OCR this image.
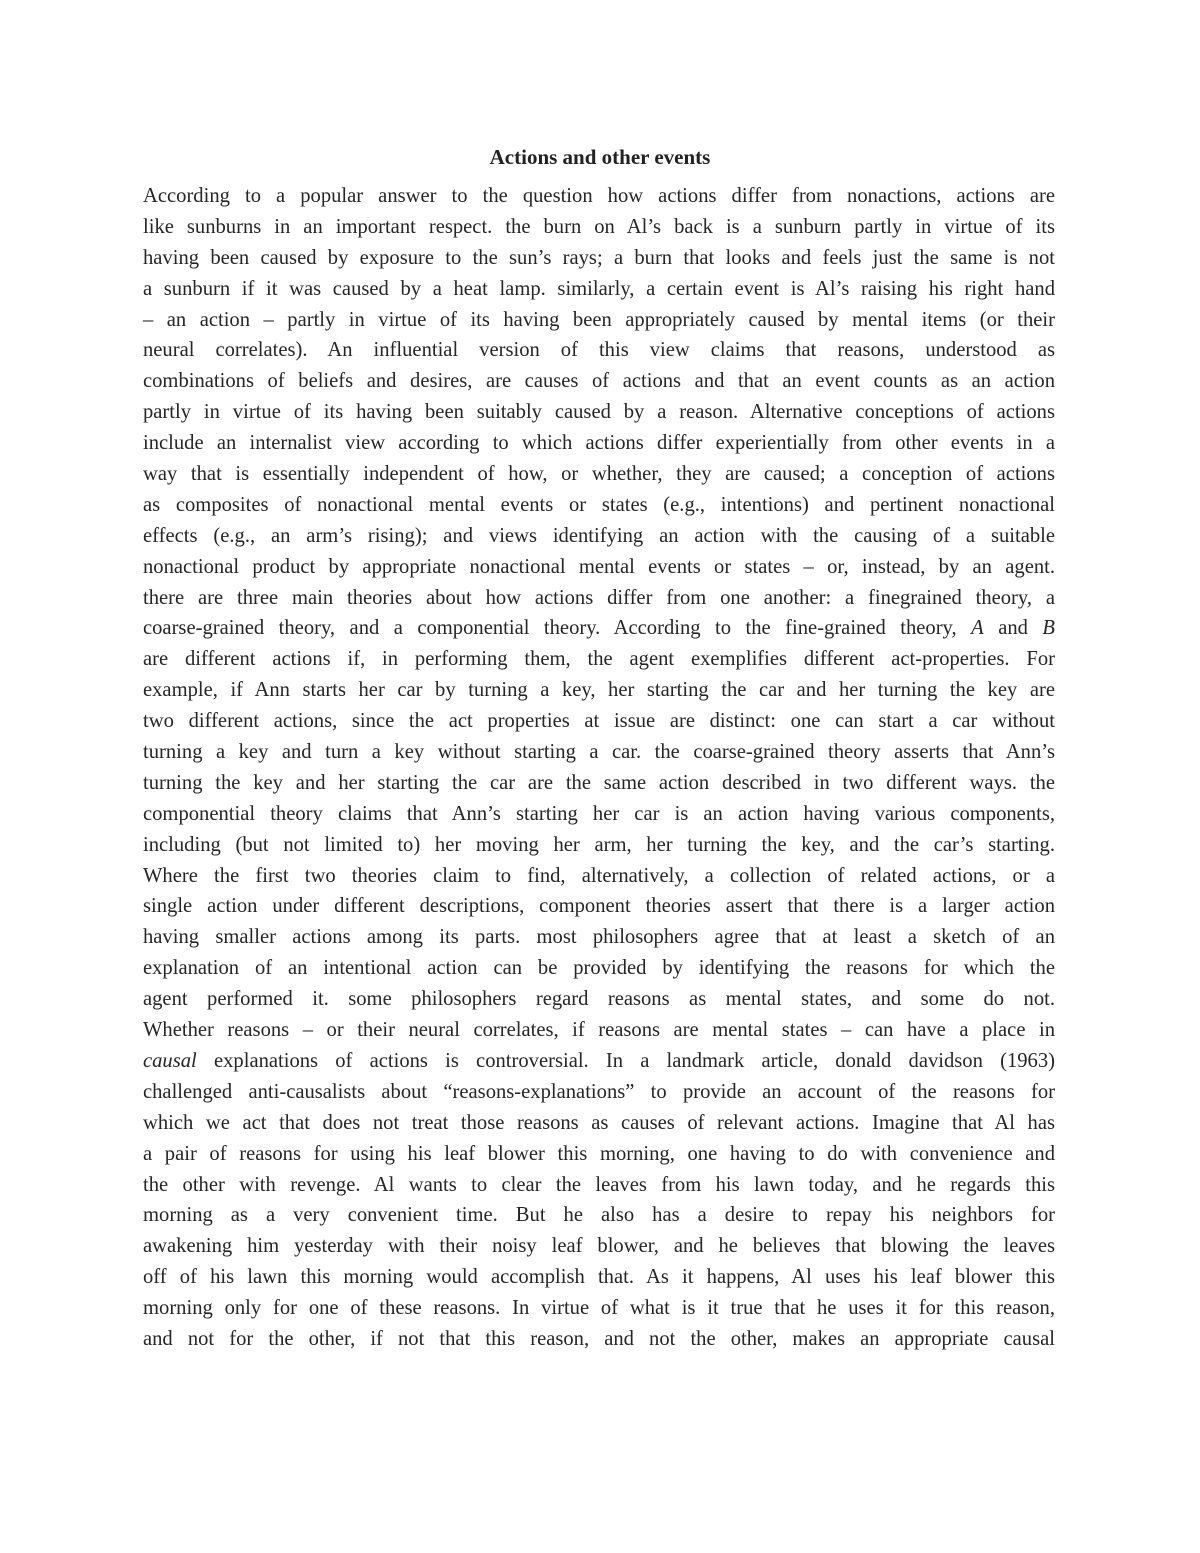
Actions and other events
According to a popular answer to the question how actions differ from nonactions, actions are
like sunburns in an important respect. the burn on Al’s back is a sunburn partly in virtue of its
having been caused by exposure to the sun’s rays; a burn that looks and feels just the same is not
a sunburn if it was caused by a heat lamp. similarly, a certain event is Al’s raising his right hand
– an action – partly in virtue of its having been appropriately caused by mental items (or their
neural correlates). An influential version of this view claims that reasons, understood as
combinations of beliefs and desires, are causes of actions and that an event counts as an action
partly in virtue of its having been suitably caused by a reason. Alternative conceptions of actions
include an internalist view according to which actions differ experientially from other events in a
way that is essentially independent of how, or whether, they are caused; a conception of actions
as composites of nonactional mental events or states (e.g., intentions) and pertinent nonactional
effects (e.g., an arm’s rising); and views identifying an action with the causing of a suitable
nonactional product by appropriate nonactional mental events or states – or, instead, by an agent.
there are three main theories about how actions differ from one another: a finegrained theory, a
coarse-grained theory, and a componential theory. According to the fine-grained theory, A and B
are different actions if, in performing them, the agent exemplifies different act-properties. For
example, if Ann starts her car by turning a key, her starting the car and her turning the key are
two different actions, since the act properties at issue are distinct: one can start a car without
turning a key and turn a key without starting a car. the coarse-grained theory asserts that Ann’s
turning the key and her starting the car are the same action described in two different ways. the
componential theory claims that Ann’s starting her car is an action having various components,
including (but not limited to) her moving her arm, her turning the key, and the car’s starting.
Where the first two theories claim to find, alternatively, a collection of related actions, or a
single action under different descriptions, component theories assert that there is a larger action
having smaller actions among its parts. most philosophers agree that at least a sketch of an
explanation of an intentional action can be provided by identifying the reasons for which the
agent performed it. some philosophers regard reasons as mental states, and some do not.
Whether reasons – or their neural correlates, if reasons are mental states – can have a place in
causal explanations of actions is controversial. In a landmark article, donald davidson (1963)
challenged anti-causalists about “reasons-explanations” to provide an account of the reasons for
which we act that does not treat those reasons as causes of relevant actions. Imagine that Al has
a pair of reasons for using his leaf blower this morning, one having to do with convenience and
the other with revenge. Al wants to clear the leaves from his lawn today, and he regards this
morning as a very convenient time. But he also has a desire to repay his neighbors for
awakening him yesterday with their noisy leaf blower, and he believes that blowing the leaves
off of his lawn this morning would accomplish that. As it happens, Al uses his leaf blower this
morning only for one of these reasons. In virtue of what is it true that he uses it for this reason,
and not for the other, if not that this reason, and not the other, makes an appropriate causal
